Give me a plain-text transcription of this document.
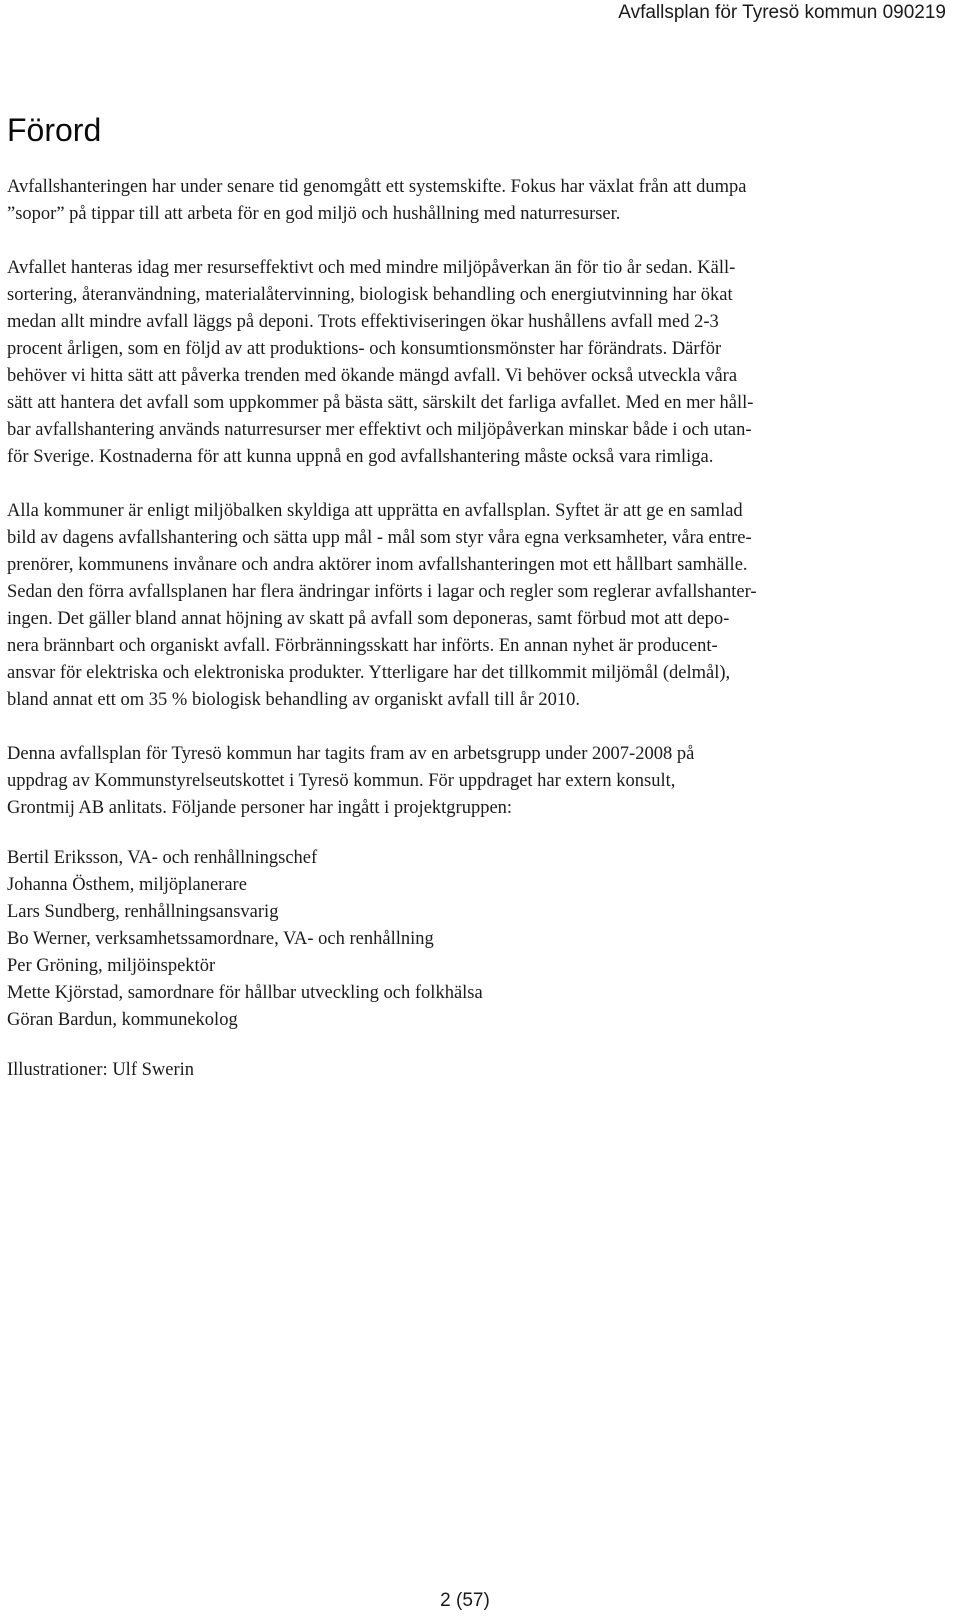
Avfallsplan för Tyresö kommun 090219
Förord

Avfallshanteringen har under senare tid genomgått ett systemskifte. Fokus har växlat från att dumpa
”sopor” på tippar till att arbeta för en god miljö och hushållning med naturresurser.

Avfallet hanteras idag mer resurseffektivt och med mindre miljöpåverkan än för tio år sedan. Käll-
sortering, återanvändning, materialåtervinning, biologisk behandling och energiutvinning har ökat
medan allt mindre avfall läggs på deponi. Trots effektiviseringen ökar hushållens avfall med 2-3
procent årligen, som en följd av att produktions- och konsumtionsmönster har förändrats. Därför
behöver vi hitta sätt att påverka trenden med ökande mängd avfall. Vi behöver också utveckla våra
sätt att hantera det avfall som uppkommer på bästa sätt, särskilt det farliga avfallet. Med en mer håll-
bar avfallshantering används naturresurser mer effektivt och miljöpåverkan minskar både i och utan-
för Sverige. Kostnaderna för att kunna uppnå en god avfallshantering måste också vara rimliga.

Alla kommuner är enligt miljöbalken skyldiga att upprätta en avfallsplan. Syftet är att ge en samlad
bild av dagens avfallshantering och sätta upp mål - mål som styr våra egna verksamheter, våra entre-
prenörer, kommunens invånare och andra aktörer inom avfallshanteringen mot ett hållbart samhälle.
Sedan den förra avfallsplanen har flera ändringar införts i lagar och regler som reglerar avfallshanter-
ingen. Det gäller bland annat höjning av skatt på avfall som deponeras, samt förbud mot att depo-
nera brännbart och organiskt avfall. Förbränningsskatt har införts. En annan nyhet är producent-
ansvar för elektriska och elektroniska produkter. Ytterligare har det tillkommit miljömål (delmål),
bland annat ett om 35 % biologisk behandling av organiskt avfall till år 2010.

Denna avfallsplan för Tyresö kommun har tagits fram av en arbetsgrupp under 2007-2008 på
uppdrag av Kommunstyrelseutskottet i Tyresö kommun. För uppdraget har extern konsult,
Grontmij AB anlitats. Följande personer har ingått i projektgruppen:

Bertil Eriksson, VA- och renhållningschef
Johanna Östhem, miljöplanerare
Lars Sundberg, renhållningsansvarig
Bo Werner, verksamhetssamordnare, VA- och renhållning
Per Gröning, miljöinspektör
Mette Kjörstad, samordnare för hållbar utveckling och folkhälsa
Göran Bardun, kommunekolog
Illustrationer: Ulf Swerin
2 (57)
